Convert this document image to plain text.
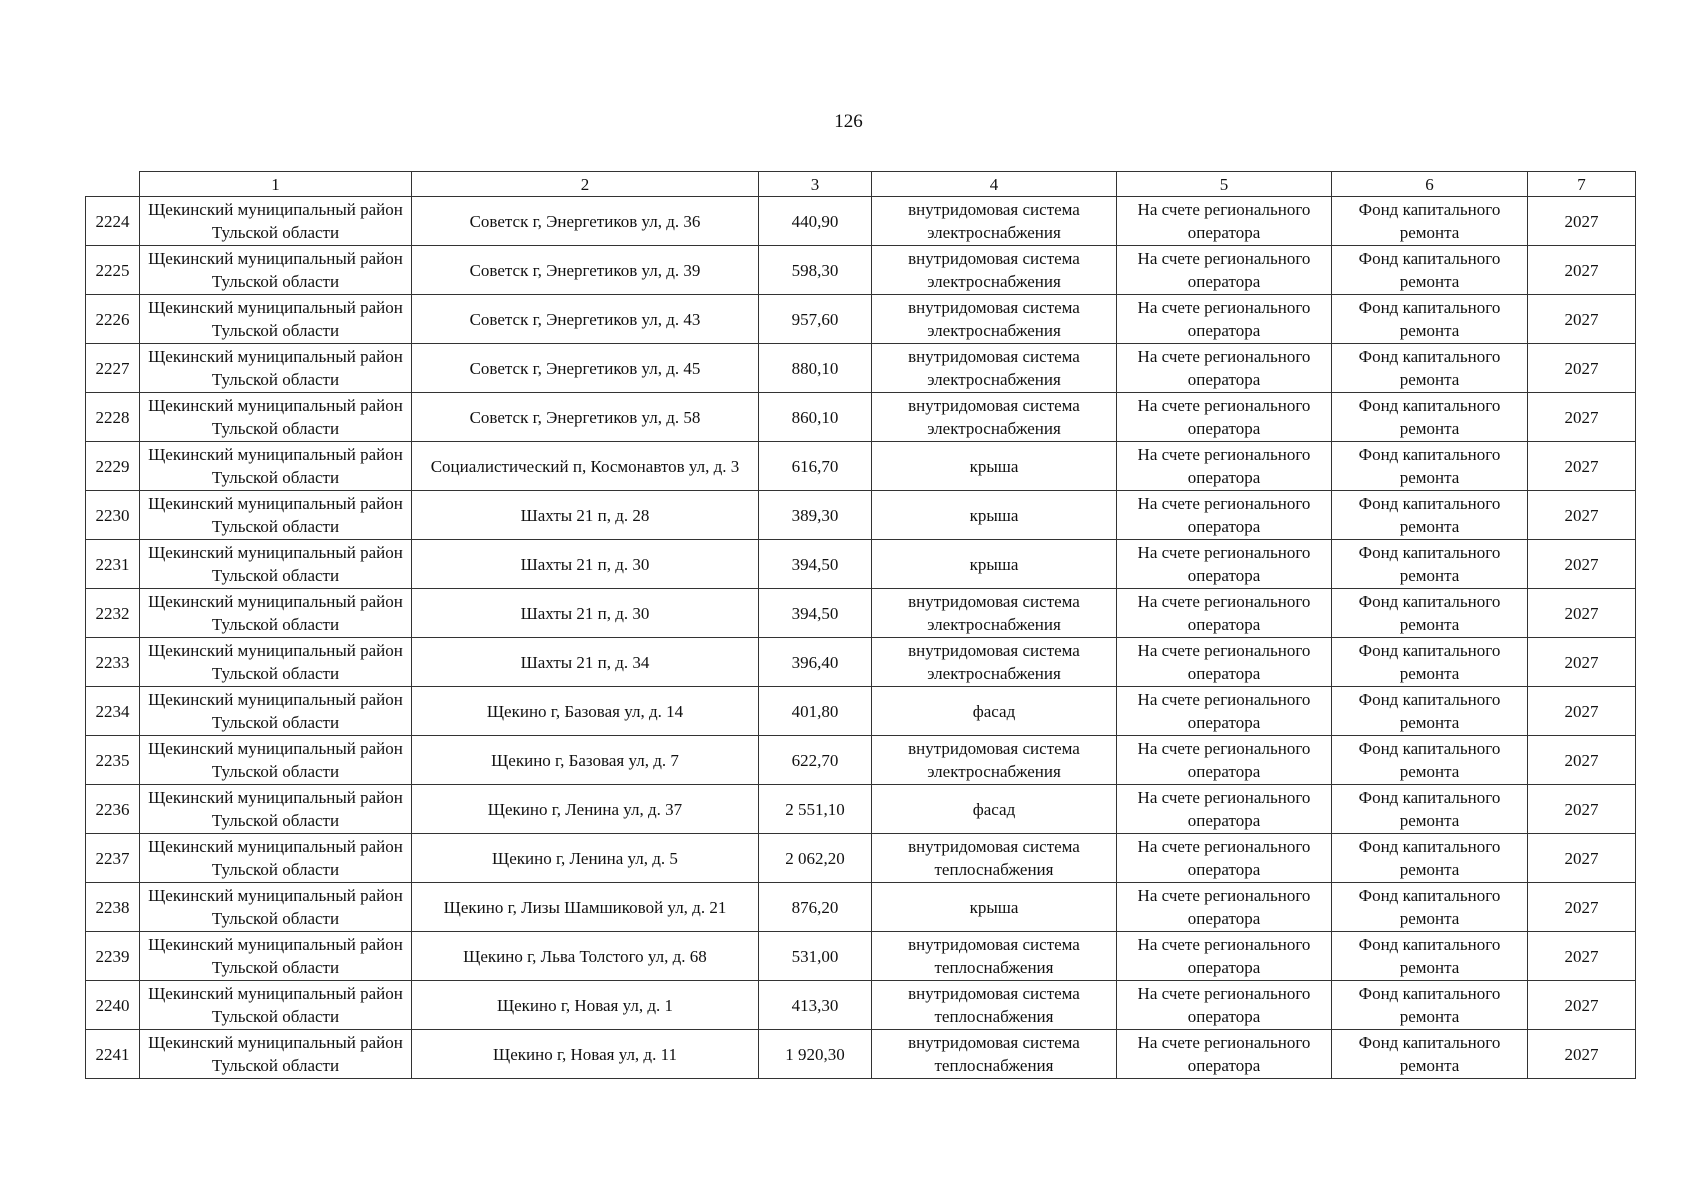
126
	1	2	3	4	5	6	7
2224	Щекинский муниципальный район Тульской области	Советск г, Энергетиков ул, д. 36	440,90	внутридомовая система электроснабжения	На счете регионального оператора	Фонд капитального ремонта	2027
2225	Щекинский муниципальный район Тульской области	Советск г, Энергетиков ул, д. 39	598,30	внутридомовая система электроснабжения	На счете регионального оператора	Фонд капитального ремонта	2027
2226	Щекинский муниципальный район Тульской области	Советск г, Энергетиков ул, д. 43	957,60	внутридомовая система электроснабжения	На счете регионального оператора	Фонд капитального ремонта	2027
2227	Щекинский муниципальный район Тульской области	Советск г, Энергетиков ул, д. 45	880,10	внутридомовая система электроснабжения	На счете регионального оператора	Фонд капитального ремонта	2027
2228	Щекинский муниципальный район Тульской области	Советск г, Энергетиков ул, д. 58	860,10	внутридомовая система электроснабжения	На счете регионального оператора	Фонд капитального ремонта	2027
2229	Щекинский муниципальный район Тульской области	Социалистический п, Космонавтов ул, д. 3	616,70	крыша	На счете регионального оператора	Фонд капитального ремонта	2027
2230	Щекинский муниципальный район Тульской области	Шахты 21 п, д. 28	389,30	крыша	На счете регионального оператора	Фонд капитального ремонта	2027
2231	Щекинский муниципальный район Тульской области	Шахты 21 п, д. 30	394,50	крыша	На счете регионального оператора	Фонд капитального ремонта	2027
2232	Щекинский муниципальный район Тульской области	Шахты 21 п, д. 30	394,50	внутридомовая система электроснабжения	На счете регионального оператора	Фонд капитального ремонта	2027
2233	Щекинский муниципальный район Тульской области	Шахты 21 п, д. 34	396,40	внутридомовая система электроснабжения	На счете регионального оператора	Фонд капитального ремонта	2027
2234	Щекинский муниципальный район Тульской области	Щекино г, Базовая ул, д. 14	401,80	фасад	На счете регионального оператора	Фонд капитального ремонта	2027
2235	Щекинский муниципальный район Тульской области	Щекино г, Базовая ул, д. 7	622,70	внутридомовая система электроснабжения	На счете регионального оператора	Фонд капитального ремонта	2027
2236	Щекинский муниципальный район Тульской области	Щекино г, Ленина ул, д. 37	2 551,10	фасад	На счете регионального оператора	Фонд капитального ремонта	2027
2237	Щекинский муниципальный район Тульской области	Щекино г, Ленина ул, д. 5	2 062,20	внутридомовая система теплоснабжения	На счете регионального оператора	Фонд капитального ремонта	2027
2238	Щекинский муниципальный район Тульской области	Щекино г, Лизы Шамшиковой ул, д. 21	876,20	крыша	На счете регионального оператора	Фонд капитального ремонта	2027
2239	Щекинский муниципальный район Тульской области	Щекино г, Льва Толстого ул, д. 68	531,00	внутридомовая система теплоснабжения	На счете регионального оператора	Фонд капитального ремонта	2027
2240	Щекинский муниципальный район Тульской области	Щекино г, Новая ул, д. 1	413,30	внутридомовая система теплоснабжения	На счете регионального оператора	Фонд капитального ремонта	2027
2241	Щекинский муниципальный район Тульской области	Щекино г, Новая ул, д. 11	1 920,30	внутридомовая система теплоснабжения	На счете регионального оператора	Фонд капитального ремонта	2027
